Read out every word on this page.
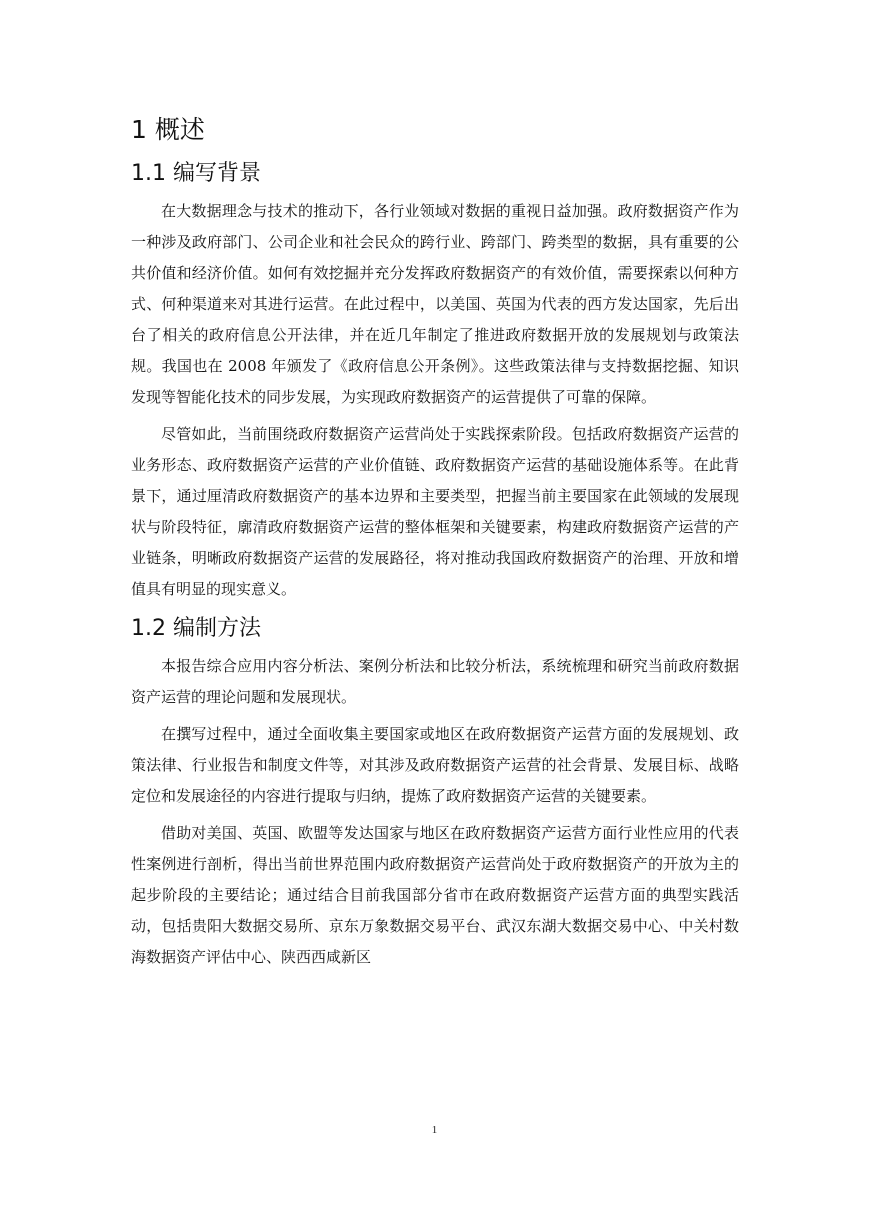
1 概述
1.1 编写背景

在大数据理念与技术的推动下，各行业领域对数据的重视日益加强。政府数据资产作为一种涉及政府部门、公司企业和社会民众的跨行业、跨部门、跨类型的数据，具有重要的公共价值和经济价值。如何有效挖掘并充分发挥政府数据资产的有效价值，需要探索以何种方式、何种渠道来对其进行运营。在此过程中，以美国、英国为代表的西方发达国家，先后出台了相关的政府信息公开法律，并在近几年制定了推进政府数据开放的发展规划与政策法规。我国也在 2008 年颁发了《政府信息公开条例》。这些政策法律与支持数据挖掘、知识发现等智能化技术的同步发展，为实现政府数据资产的运营提供了可靠的保障。

尽管如此，当前围绕政府数据资产运营尚处于实践探索阶段。包括政府数据资产运营的业务形态、政府数据资产运营的产业价值链、政府数据资产运营的基础设施体系等。在此背景下，通过厘清政府数据资产的基本边界和主要类型，把握当前主要国家在此领域的发展现状与阶段特征，廓清政府数据资产运营的整体框架和关键要素，构建政府数据资产运营的产业链条，明晰政府数据资产运营的发展路径，将对推动我国政府数据资产的治理、开放和增值具有明显的现实意义。

1.2 编制方法

本报告综合应用内容分析法、案例分析法和比较分析法，系统梳理和研究当前政府数据资产运营的理论问题和发展现状。

在撰写过程中，通过全面收集主要国家或地区在政府数据资产运营方面的发展规划、政策法律、行业报告和制度文件等，对其涉及政府数据资产运营的社会背景、发展目标、战略定位和发展途径的内容进行提取与归纳，提炼了政府数据资产运营的关键要素。

借助对美国、英国、欧盟等发达国家与地区在政府数据资产运营方面行业性应用的代表性案例进行剖析，得出当前世界范围内政府数据资产运营尚处于政府数据资产的开放为主的起步阶段的主要结论；通过结合目前我国部分省市在政府数据资产运营方面的典型实践活动，包括贵阳大数据交易所、京东万象数据交易平台、武汉东湖大数据交易中心、中关村数海数据资产评估中心、陕西西咸新区

1
